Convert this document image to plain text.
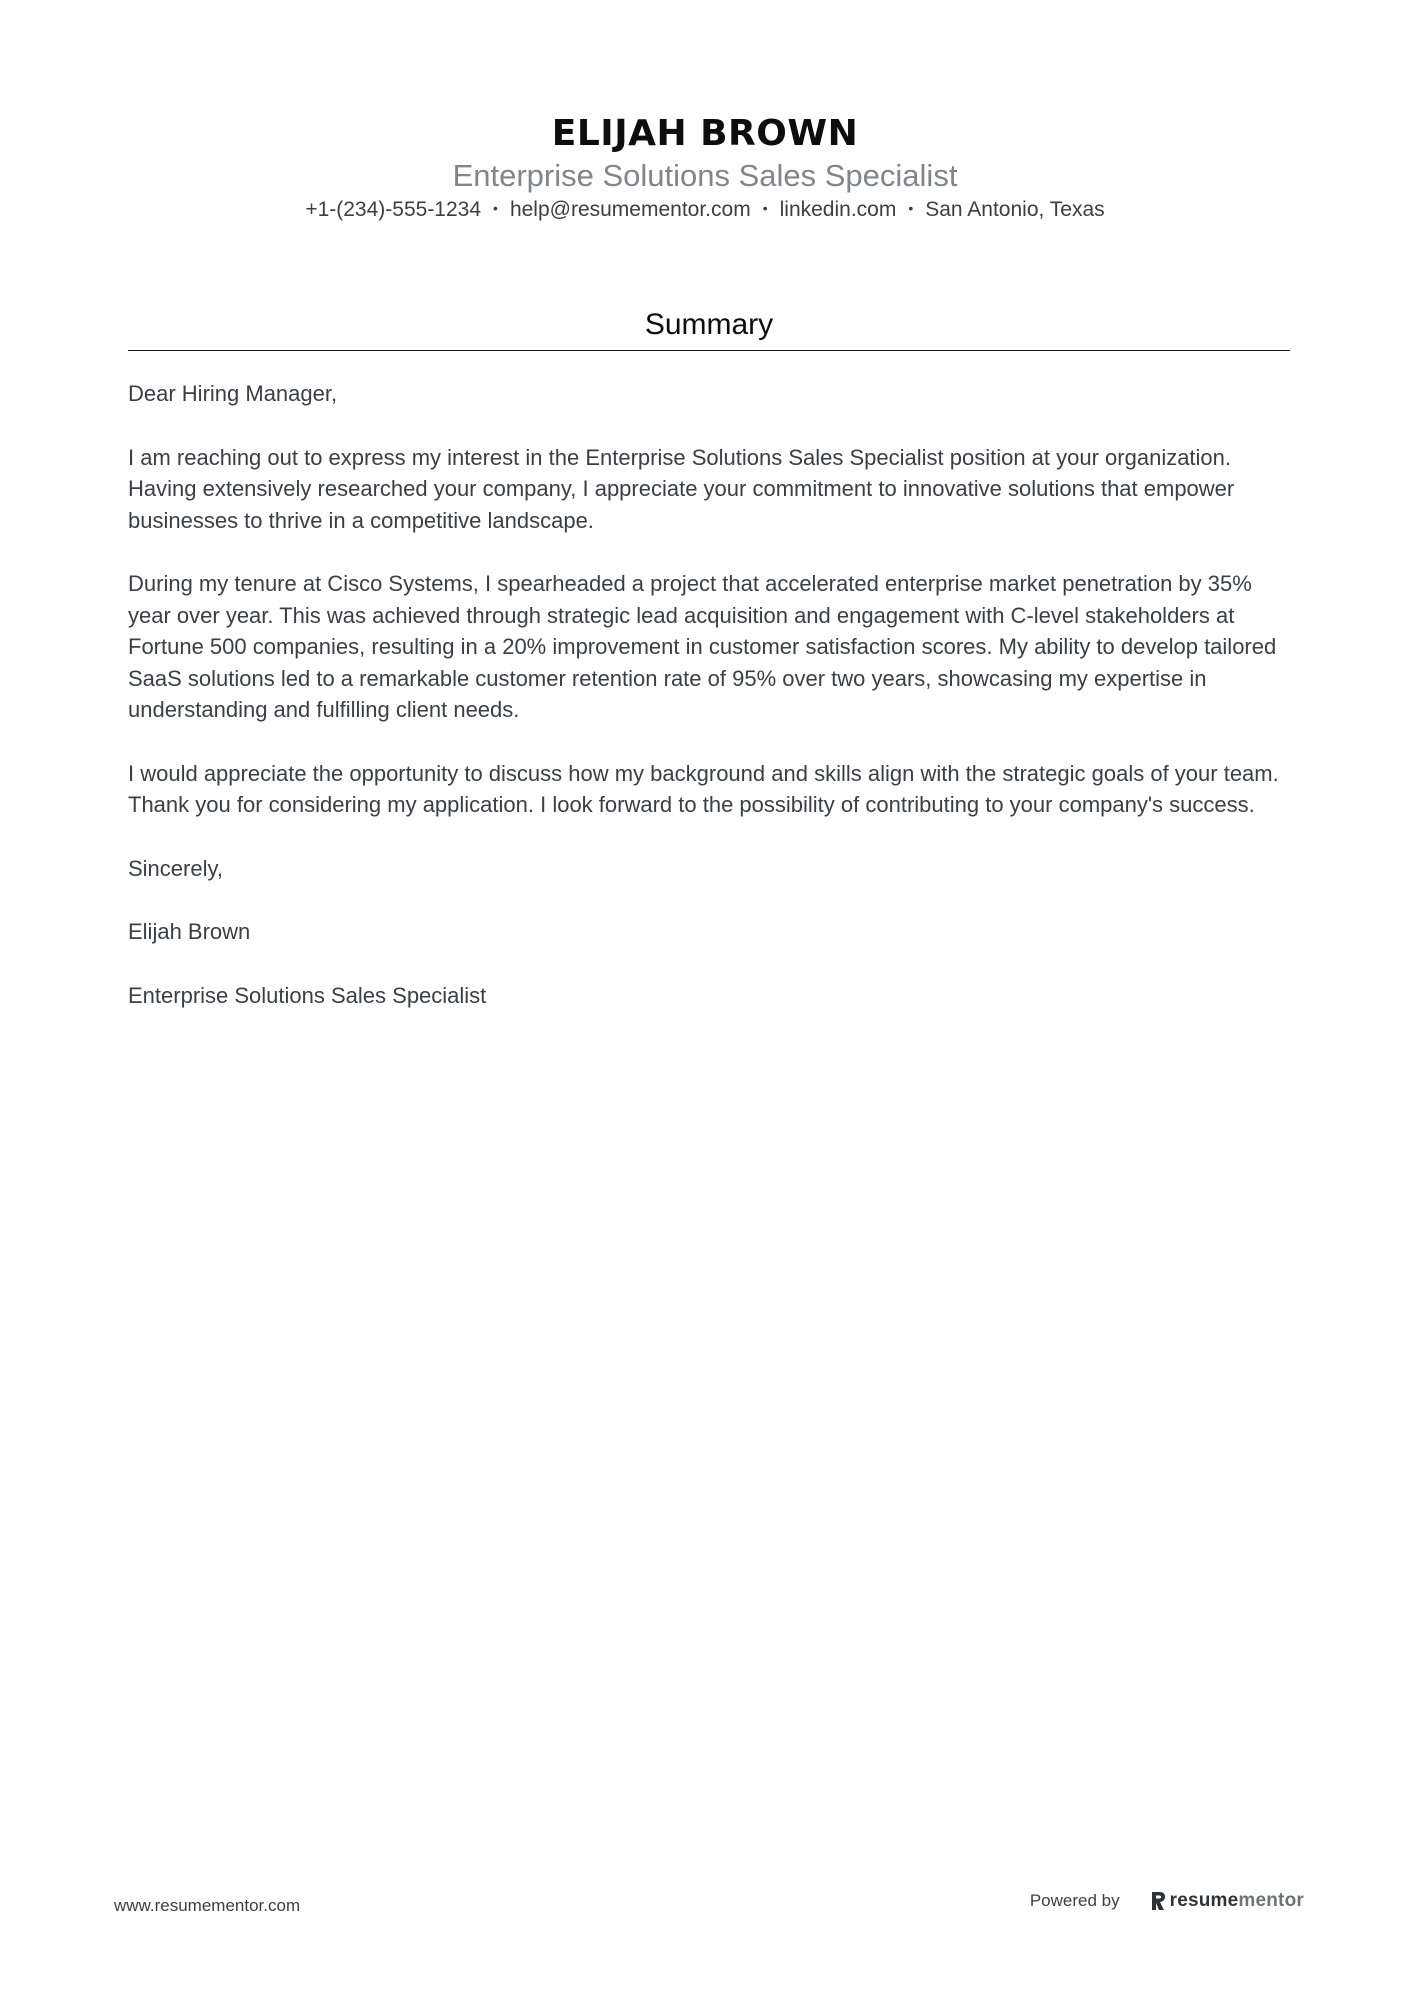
ELIJAH BROWN
Enterprise Solutions Sales Specialist
+1-(234)-555-1234 • help@resumementor.com • linkedin.com • San Antonio, Texas
Summary

Dear Hiring Manager,

I am reaching out to express my interest in the Enterprise Solutions Sales Specialist position at your organization. Having extensively researched your company, I appreciate your commitment to innovative solutions that empower businesses to thrive in a competitive landscape.

During my tenure at Cisco Systems, I spearheaded a project that accelerated enterprise market penetration by 35% year over year. This was achieved through strategic lead acquisition and engagement with C-level stakeholders at Fortune 500 companies, resulting in a 20% improvement in customer satisfaction scores. My ability to develop tailored SaaS solutions led to a remarkable customer retention rate of 95% over two years, showcasing my expertise in understanding and fulfilling client needs.

I would appreciate the opportunity to discuss how my background and skills align with the strategic goals of your team. Thank you for considering my application. I look forward to the possibility of contributing to your company's success.

Sincerely,

Elijah Brown

Enterprise Solutions Sales Specialist

www.resumementor.com	Powered by	resumementor
